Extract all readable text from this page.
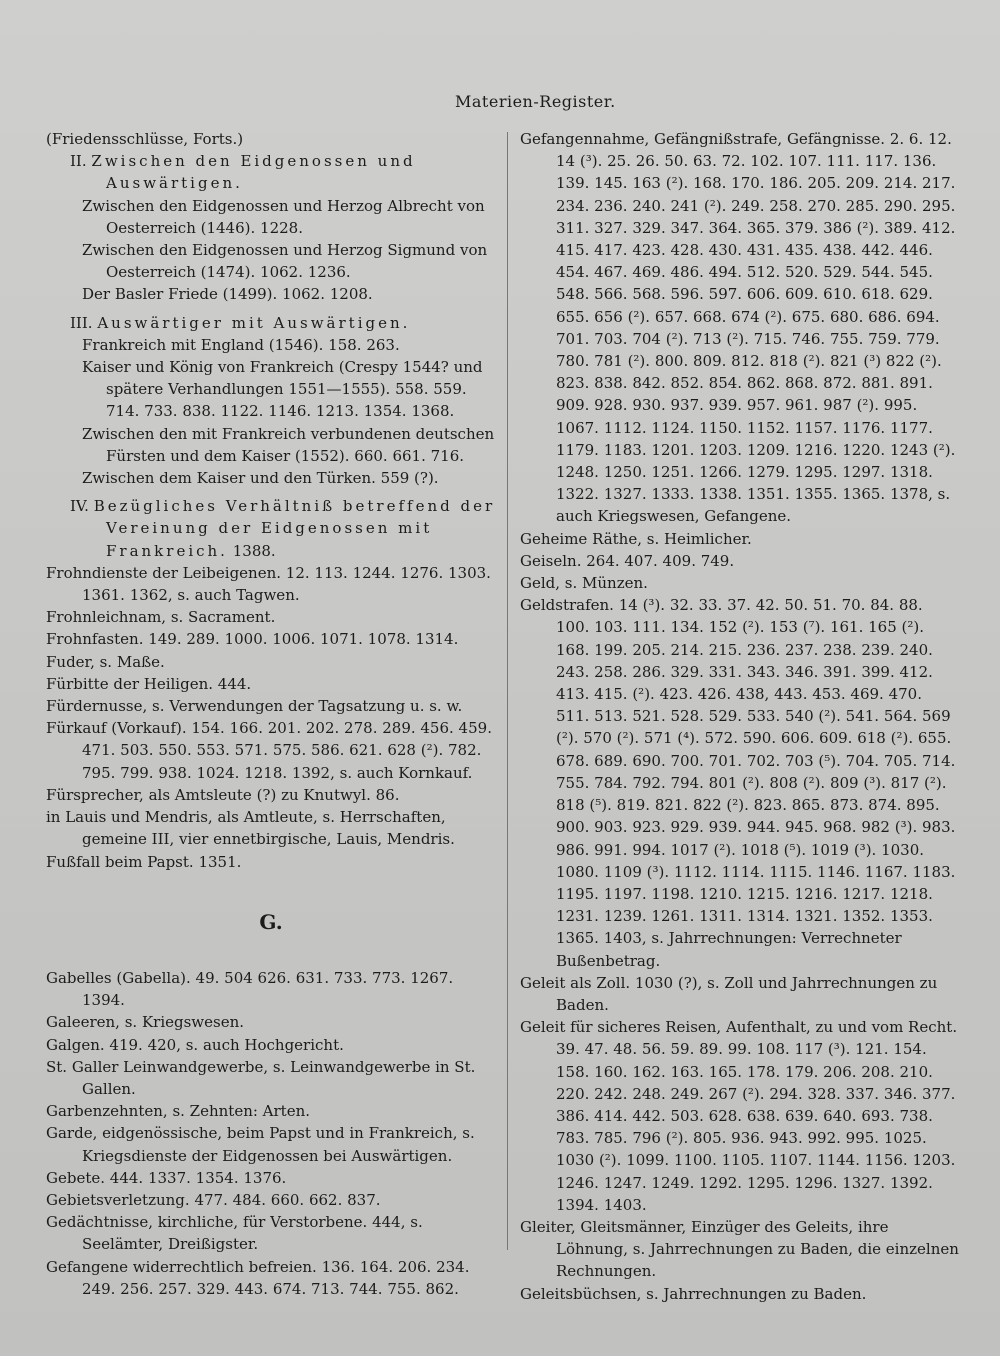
Materien-Register.

(Friedensschlüsse, Forts.)

II. Zwischen den Eidgenossen und Auswärtigen.

Zwischen den Eidgenossen und Herzog Albrecht von Oesterreich (1446). 1228.

Zwischen den Eidgenossen und Herzog Sigmund von Oesterreich (1474). 1062. 1236.

Der Basler Friede (1499). 1062. 1208.

III. Auswärtiger mit Auswärtigen.

Frankreich mit England (1546). 158. 263.

Kaiser und König von Frankreich (Crespy 1544? und spätere Verhandlungen 1551—1555). 558. 559. 714. 733. 838. 1122. 1146. 1213. 1354. 1368.

Zwischen den mit Frankreich verbundenen deutschen Fürsten und dem Kaiser (1552). 660. 661. 716.

Zwischen dem Kaiser und den Türken. 559 (?).

IV. Bezügliches Verhältniß betreffend der Vereinung der Eidgenossen mit Frankreich. 1388.

Frohndienste der Leibeigenen. 12. 113. 1244. 1276. 1303. 1361. 1362, s. auch Tagwen.

Frohnleichnam, s. Sacrament.

Frohnfasten. 149. 289. 1000. 1006. 1071. 1078. 1314.

Fuder, s. Maße.

Fürbitte der Heiligen. 444.

Fürdernusse, s. Verwendungen der Tagsatzung u. s. w.

Fürkauf (Vorkauf). 154. 166. 201. 202. 278. 289. 456. 459. 471. 503. 550. 553. 571. 575. 586. 621. 628 (²). 782. 795. 799. 938. 1024. 1218. 1392, s. auch Kornkauf.

Fürsprecher, als Amtsleute (?) zu Knutwyl. 86.

in Lauis und Mendris, als Amtleute, s. Herrschaften, gemeine III, vier ennetbirgische, Lauis, Mendris.

Fußfall beim Papst. 1351.

G.

Gabelles (Gabella). 49. 504 626. 631. 733. 773. 1267. 1394.

Galeeren, s. Kriegswesen.

Galgen. 419. 420, s. auch Hochgericht.

St. Galler Leinwandgewerbe, s. Leinwandgewerbe in St. Gallen.

Garbenzehnten, s. Zehnten: Arten.

Garde, eidgenössische, beim Papst und in Frankreich, s. Kriegsdienste der Eidgenossen bei Auswärtigen.

Gebete. 444. 1337. 1354. 1376.

Gebietsverletzung. 477. 484. 660. 662. 837.

Gedächtnisse, kirchliche, für Verstorbene. 444, s. Seelämter, Dreißigster.

Gefangene widerrechtlich befreien. 136. 164. 206. 234. 249. 256. 257. 329. 443. 674. 713. 744. 755. 862.

Gefangennahme, Gefängnißstrafe, Gefängnisse. 2. 6. 12. 14 (³). 25. 26. 50. 63. 72. 102. 107. 111. 117. 136. 139. 145. 163 (²). 168. 170. 186. 205. 209. 214. 217. 234. 236. 240. 241 (²). 249. 258. 270. 285. 290. 295. 311. 327. 329. 347. 364. 365. 379. 386 (²). 389. 412. 415. 417. 423. 428. 430. 431. 435. 438. 442. 446. 454. 467. 469. 486. 494. 512. 520. 529. 544. 545. 548. 566. 568. 596. 597. 606. 609. 610. 618. 629. 655. 656 (²). 657. 668. 674 (²). 675. 680. 686. 694. 701. 703. 704 (²). 713 (²). 715. 746. 755. 759. 779. 780. 781 (²). 800. 809. 812. 818 (²). 821 (³) 822 (²). 823. 838. 842. 852. 854. 862. 868. 872. 881. 891. 909. 928. 930. 937. 939. 957. 961. 987 (²). 995. 1067. 1112. 1124. 1150. 1152. 1157. 1176. 1177. 1179. 1183. 1201. 1203. 1209. 1216. 1220. 1243 (²). 1248. 1250. 1251. 1266. 1279. 1295. 1297. 1318. 1322. 1327. 1333. 1338. 1351. 1355. 1365. 1378, s. auch Kriegswesen, Gefangene.

Geheime Räthe, s. Heimlicher.

Geiseln. 264. 407. 409. 749.

Geld, s. Münzen.

Geldstrafen. 14 (³). 32. 33. 37. 42. 50. 51. 70. 84. 88. 100. 103. 111. 134. 152 (²). 153 (⁷). 161. 165 (²). 168. 199. 205. 214. 215. 236. 237. 238. 239. 240. 243. 258. 286. 329. 331. 343. 346. 391. 399. 412. 413. 415. (²). 423. 426. 438, 443. 453. 469. 470. 511. 513. 521. 528. 529. 533. 540 (²). 541. 564. 569 (²). 570 (²). 571 (⁴). 572. 590. 606. 609. 618 (²). 655. 678. 689. 690. 700. 701. 702. 703 (⁵). 704. 705. 714. 755. 784. 792. 794. 801 (²). 808 (²). 809 (³). 817 (²). 818 (⁵). 819. 821. 822 (²). 823. 865. 873. 874. 895. 900. 903. 923. 929. 939. 944. 945. 968. 982 (³). 983. 986. 991. 994. 1017 (²). 1018 (⁵). 1019 (³). 1030. 1080. 1109 (³). 1112. 1114. 1115. 1146. 1167. 1183. 1195. 1197. 1198. 1210. 1215. 1216. 1217. 1218. 1231. 1239. 1261. 1311. 1314. 1321. 1352. 1353. 1365. 1403, s. Jahrrechnungen: Verrechneter Bußenbetrag.

Geleit als Zoll. 1030 (?), s. Zoll und Jahrrechnungen zu Baden.

Geleit für sicheres Reisen, Aufenthalt, zu und vom Recht. 39. 47. 48. 56. 59. 89. 99. 108. 117 (³). 121. 154. 158. 160. 162. 163. 165. 178. 179. 206. 208. 210. 220. 242. 248. 249. 267 (²). 294. 328. 337. 346. 377. 386. 414. 442. 503. 628. 638. 639. 640. 693. 738. 783. 785. 796 (²). 805. 936. 943. 992. 995. 1025. 1030 (²). 1099. 1100. 1105. 1107. 1144. 1156. 1203. 1246. 1247. 1249. 1292. 1295. 1296. 1327. 1392. 1394. 1403.

Gleiter, Gleitsmänner, Einzüger des Geleits, ihre Löhnung, s. Jahrrechnungen zu Baden, die einzelnen Rechnungen.

Geleitsbüchsen, s. Jahrrechnungen zu Baden.
